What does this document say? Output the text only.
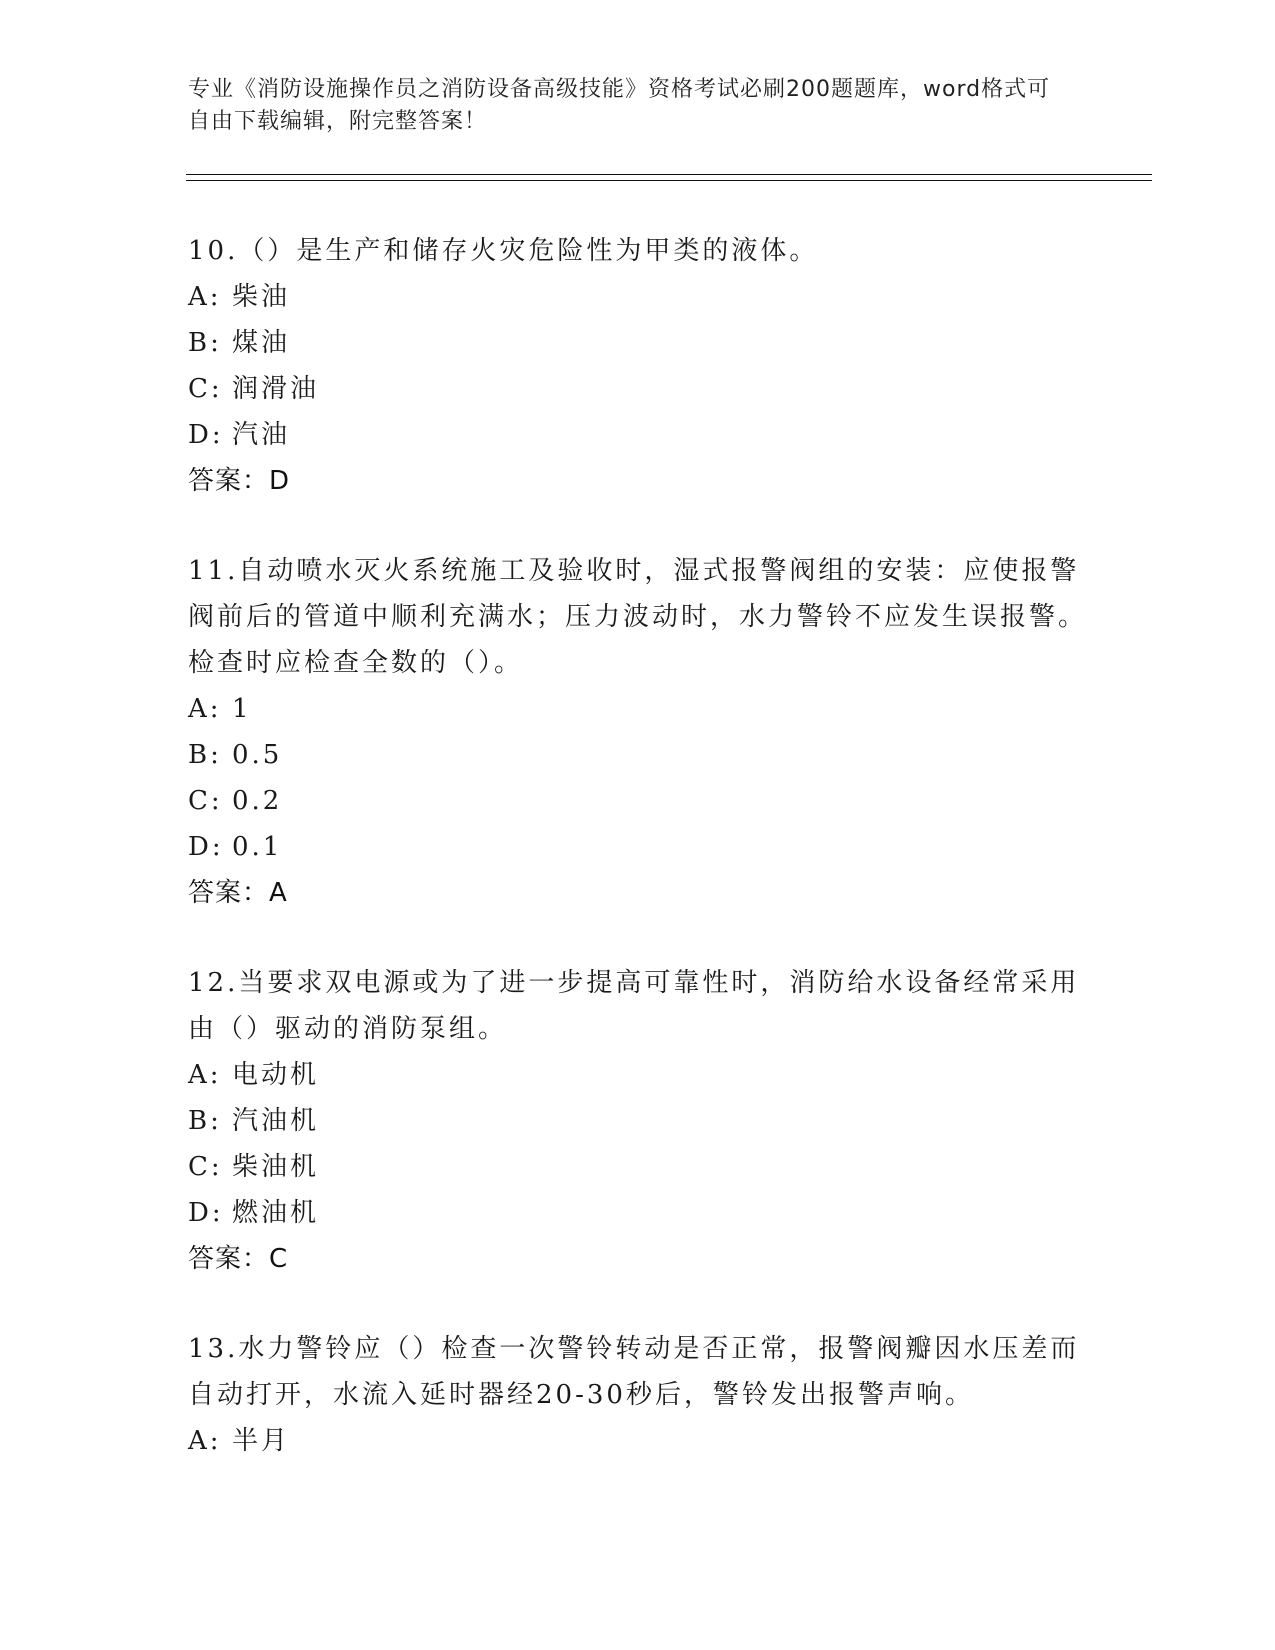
专业《消防设施操作员之消防设备高级技能》资格考试必刷200题题库，word格式可自由下载编辑，附完整答案！
10.（）是生产和储存火灾危险性为甲类的液体。
A: 柴油
B: 煤油
C: 润滑油
D: 汽油
答案：D
11.自动喷水灭火系统施工及验收时，湿式报警阀组的安装：应使报警阀前后的管道中顺利充满水；压力波动时，水力警铃不应发生误报警。检查时应检查全数的（）。
A: 1
B: 0.5
C: 0.2
D: 0.1
答案：A
12.当要求双电源或为了进一步提高可靠性时，消防给水设备经常采用由（）驱动的消防泵组。
A: 电动机
B: 汽油机
C: 柴油机
D: 燃油机
答案：C
13.水力警铃应（）检查一次警铃转动是否正常，报警阀瓣因水压差而自动打开，水流入延时器经20-30秒后，警铃发出报警声响。
A: 半月
